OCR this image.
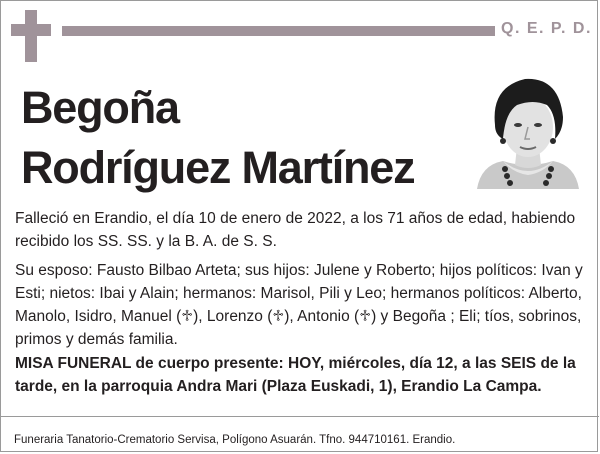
Q. E. P. D.
Begoña
Rodríguez Martínez
Falleció en Erandio, el día 10 de enero de 2022, a los 71 años de edad, habiendo recibido los SS. SS. y la B. A. de S. S.
Su esposo: Fausto Bilbao Arteta; sus hijos: Julene y Roberto; hijos políticos: Ivan y Esti; nietos: Ibai y Alain; hermanos: Marisol, Pili y Leo; hermanos políticos: Alberto, Manolo, Isidro, Manuel (♱), Lorenzo (♱), Antonio (♱) y Begoña ; Eli; tíos, sobrinos, primos y demás familia.
MISA FUNERAL de cuerpo presente: HOY, miércoles, día 12, a las SEIS de la tarde, en la parroquia Andra Mari (Plaza Euskadi, 1), Erandio La Campa.
Funeraria Tanatorio-Crematorio Servisa, Polígono Asuarán. Tfno. 944710161. Erandio.
